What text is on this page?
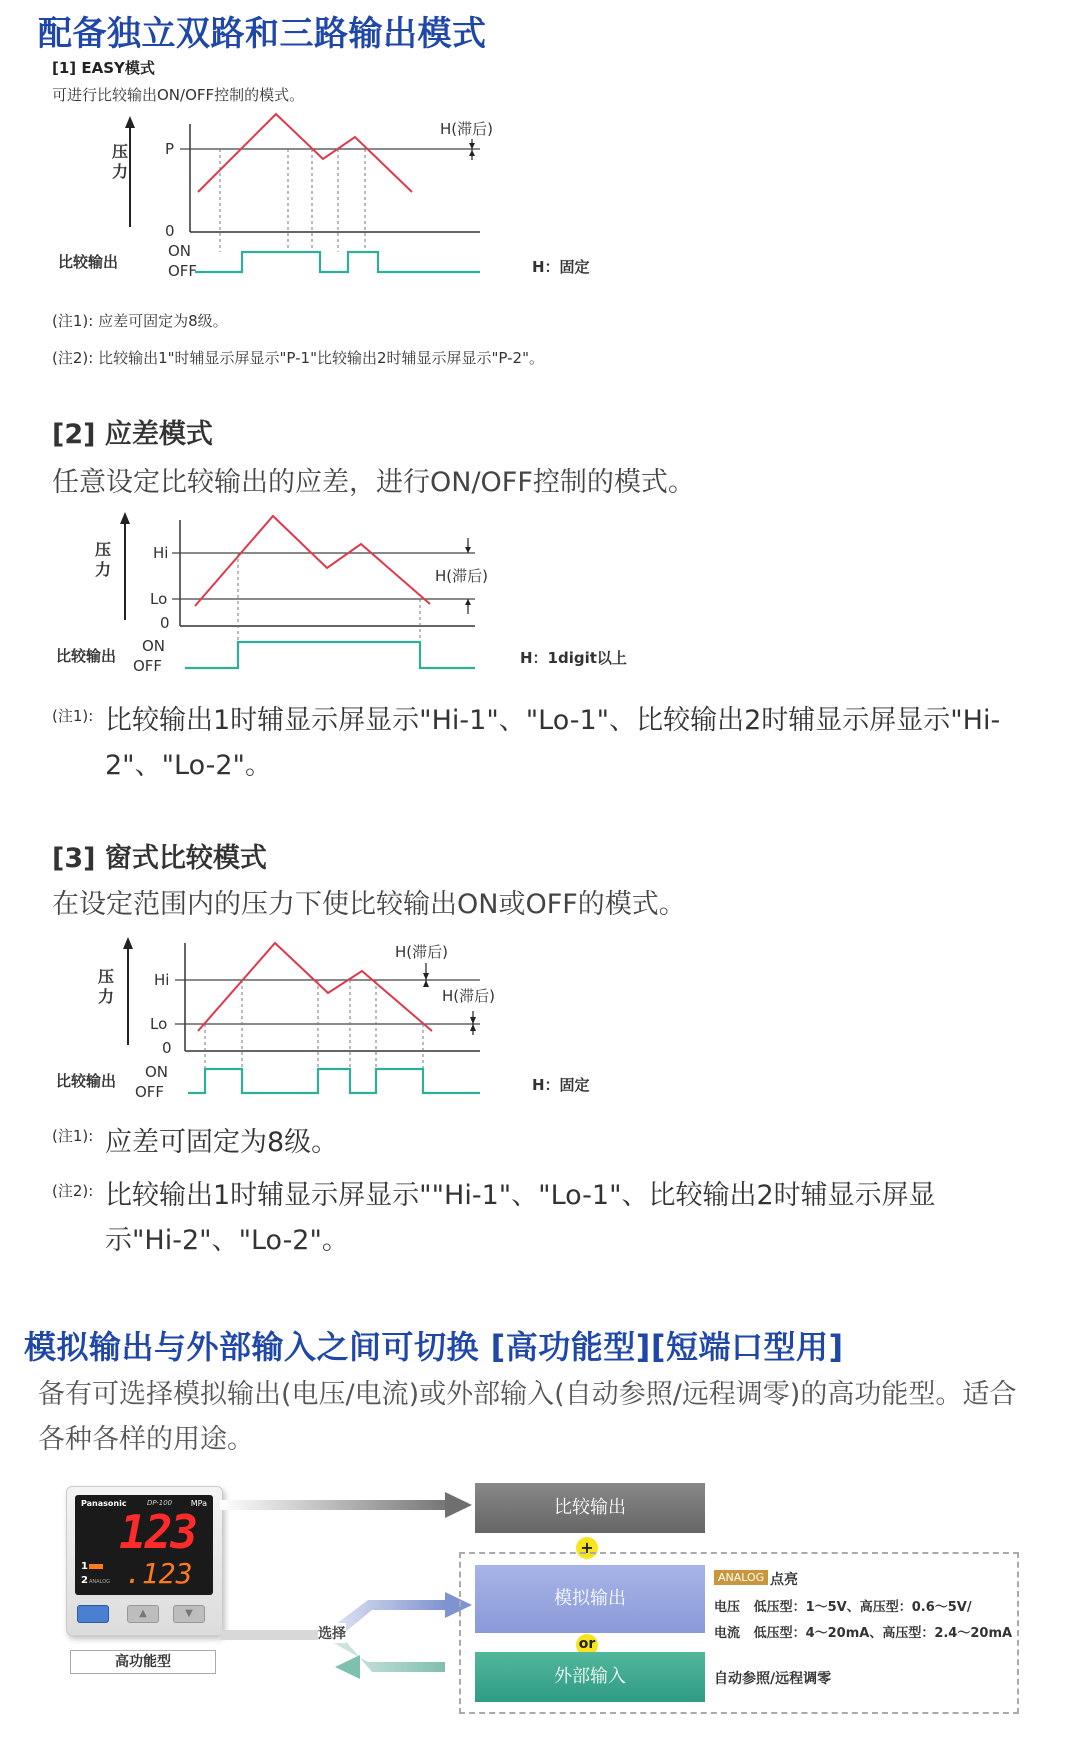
配备独立双路和三路输出模式
[1] EASY模式
可进行比较输出ON/OFF控制的模式。
压
力
P
0
H(滞后)
ON
OFF
比较输出	H：固定
(注1): 应差可固定为8级。
(注2): 比较输出1"时辅显示屏显示"P-1"比较输出2时辅显示屏显示"P-2"。
[2] 应差模式
任意设定比较输出的应差，进行ON/OFF控制的模式。
压
力
Hi
Lo
0
H(滞后)
ON
OFF
比较输出	H：1digit以上
(注1): 比较输出1时辅显示屏显示"Hi-1"、"Lo-1"、比较输出2时辅显示屏显示"Hi-2"、"Lo-2"。
[3] 窗式比较模式
在设定范围内的压力下使比较输出ON或OFF的模式。
压
力
Hi
Lo
0
H(滞后)
H(滞后)
ON
OFF
比较输出	H：固定
(注1): 应差可固定为8级。
(注2): 比较输出1时辅显示屏显示""Hi-1"、"Lo-1"、比较输出2时辅显示屏显示"Hi-2"、"Lo-2"。
模拟输出与外部输入之间可切换 [高功能型][短端口型用]
备有可选择模拟输出(电压/电流)或外部输入(自动参照/远程调零)的高功能型。适合各种各样的用途。
Panasonic	DP-100 MPa
123
1
2 ANALOG .123
▲	▼
高功能型
选择
比较输出
+
模拟输出
or
外部输入
ANALOG 点亮
电压   低压型：1～5V、高压型：0.6～5V/
电流   低压型：4～20mA、高压型：2.4～20mA
自动参照/远程调零
